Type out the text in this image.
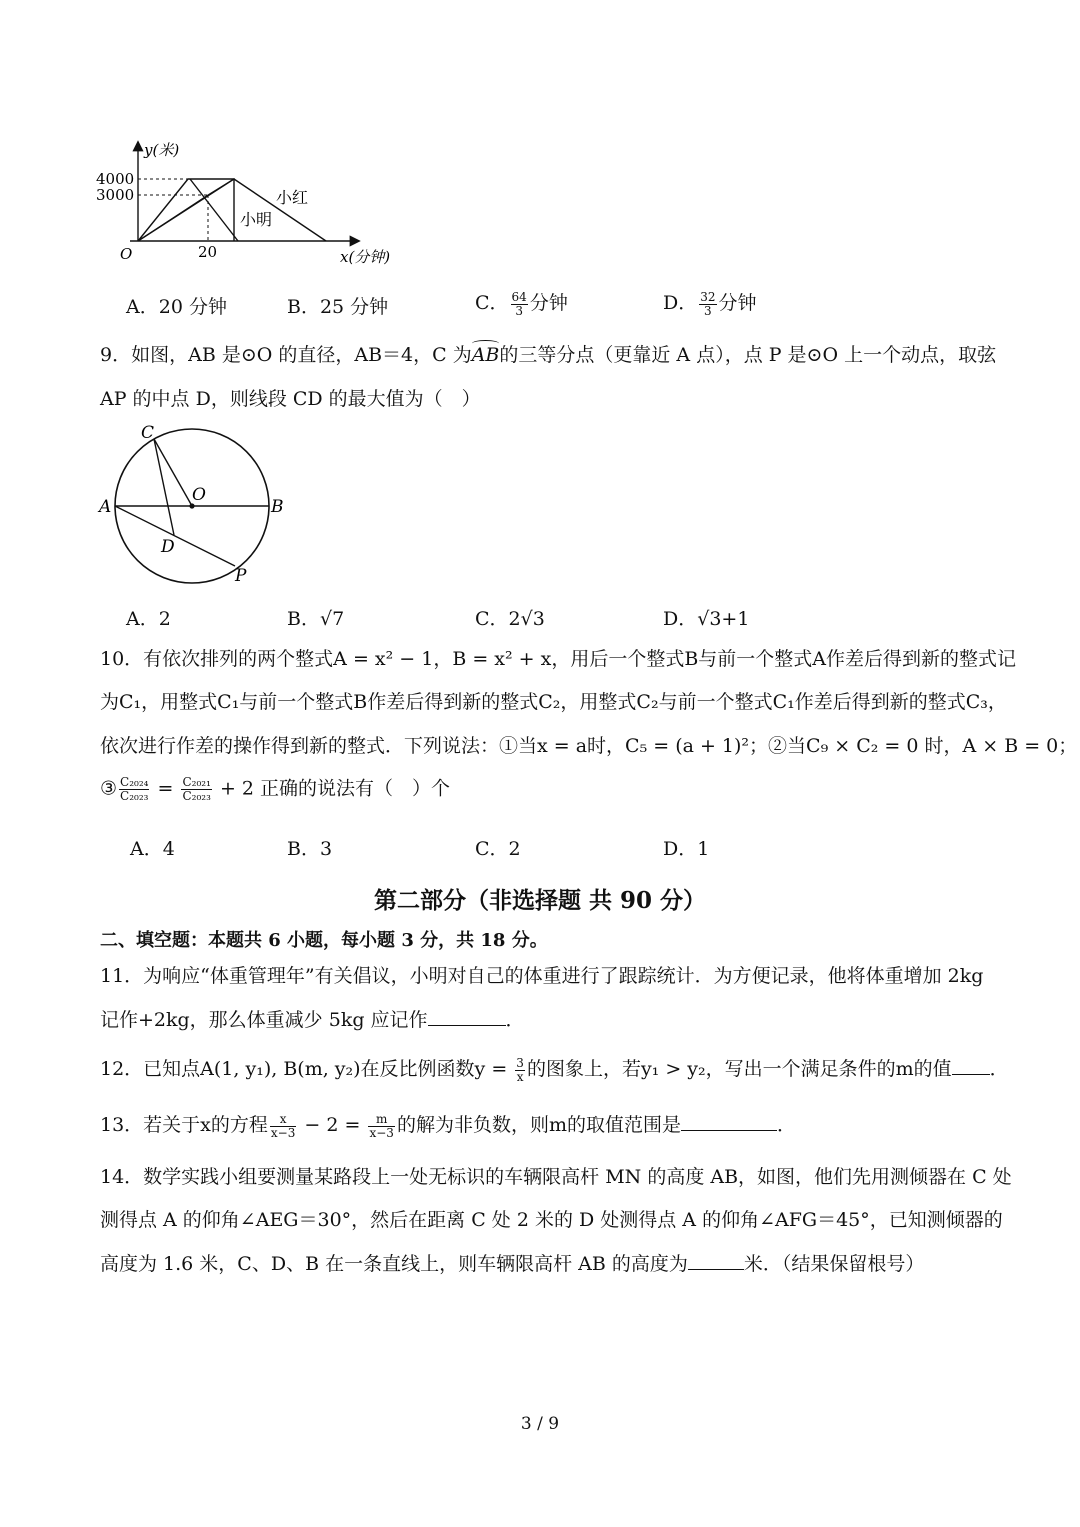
y(米)
4000
3000
O	20	x(分钟)
小红
小明
A．20 分钟	B．25 分钟	C． $\frac{64}{3}$ 分钟	D． $\frac{32}{3}$ 分钟
9．如图，AB 是⊙O 的直径，AB＝4，C 为
AB的三等分点（更靠近 A 点），点 P 是⊙O 上一个动点，取弦
AP 的中点 D，则线段 CD 的最大值为（　）
C
O
A	B
D
P
A．2	B．√7	C．2√3	D．√3+1
10．有依次排列的两个整式A = x² − 1，B = x² + x，用后一个整式B与前一个整式A作差后得到新的整式记
为C₁，用整式C₁与前一个整式B作差后得到新的整式C₂，用整式C₂与前一个整式C₁作差后得到新的整式C₃，
依次进行作差的操作得到新的整式．下列说法：①当x = a时，C₅ = (a + 1)²；②当C₉ × C₂ = 0 时，A × B = 0；
③ $\frac{\text{C₂₀₂₄}}{\text{C₂₀₂₃}} = \frac{\text{C₂₀₂₁}}{\text{C₂₀₂₃}} + 2$ 正确的说法有（　）个
A．4	B．3	C．2	D．1
第二部分（非选择题 共 90 分）
二、填空题：本题共 6 小题，每小题 3 分，共 18 分。
11．为响应“体重管理年”有关倡议，小明对自己的体重进行了跟踪统计．为方便记录，他将体重增加 2kg
记作+2kg，那么体重减少 5kg 应记作	．
12．已知点A(1, y₁), B(m, y₂)在反比例函数$y = \frac{3}{x}$ 的图象上，若y₁ > y₂，写出一个满足条件的m的值 ．
13．若关于x的方程 $\frac{x}{x-3} - 2 = \frac{m}{x-3}$ 的解为非负数，则m的取值范围是	．
14．数学实践小组要测量某路段上一处无标识的车辆限高杆 MN 的高度 AB，如图，他们先用测倾器在 C 处
测得点 A 的仰角∠AEG＝30°，然后在距离 C 处 2 米的 D 处测得点 A 的仰角∠AFG＝45°，已知测倾器的
高度为 1.6 米，C、D、B 在一条直线上，则车辆限高杆 AB 的高度为	米．（结果保留根号）
3 / 9
